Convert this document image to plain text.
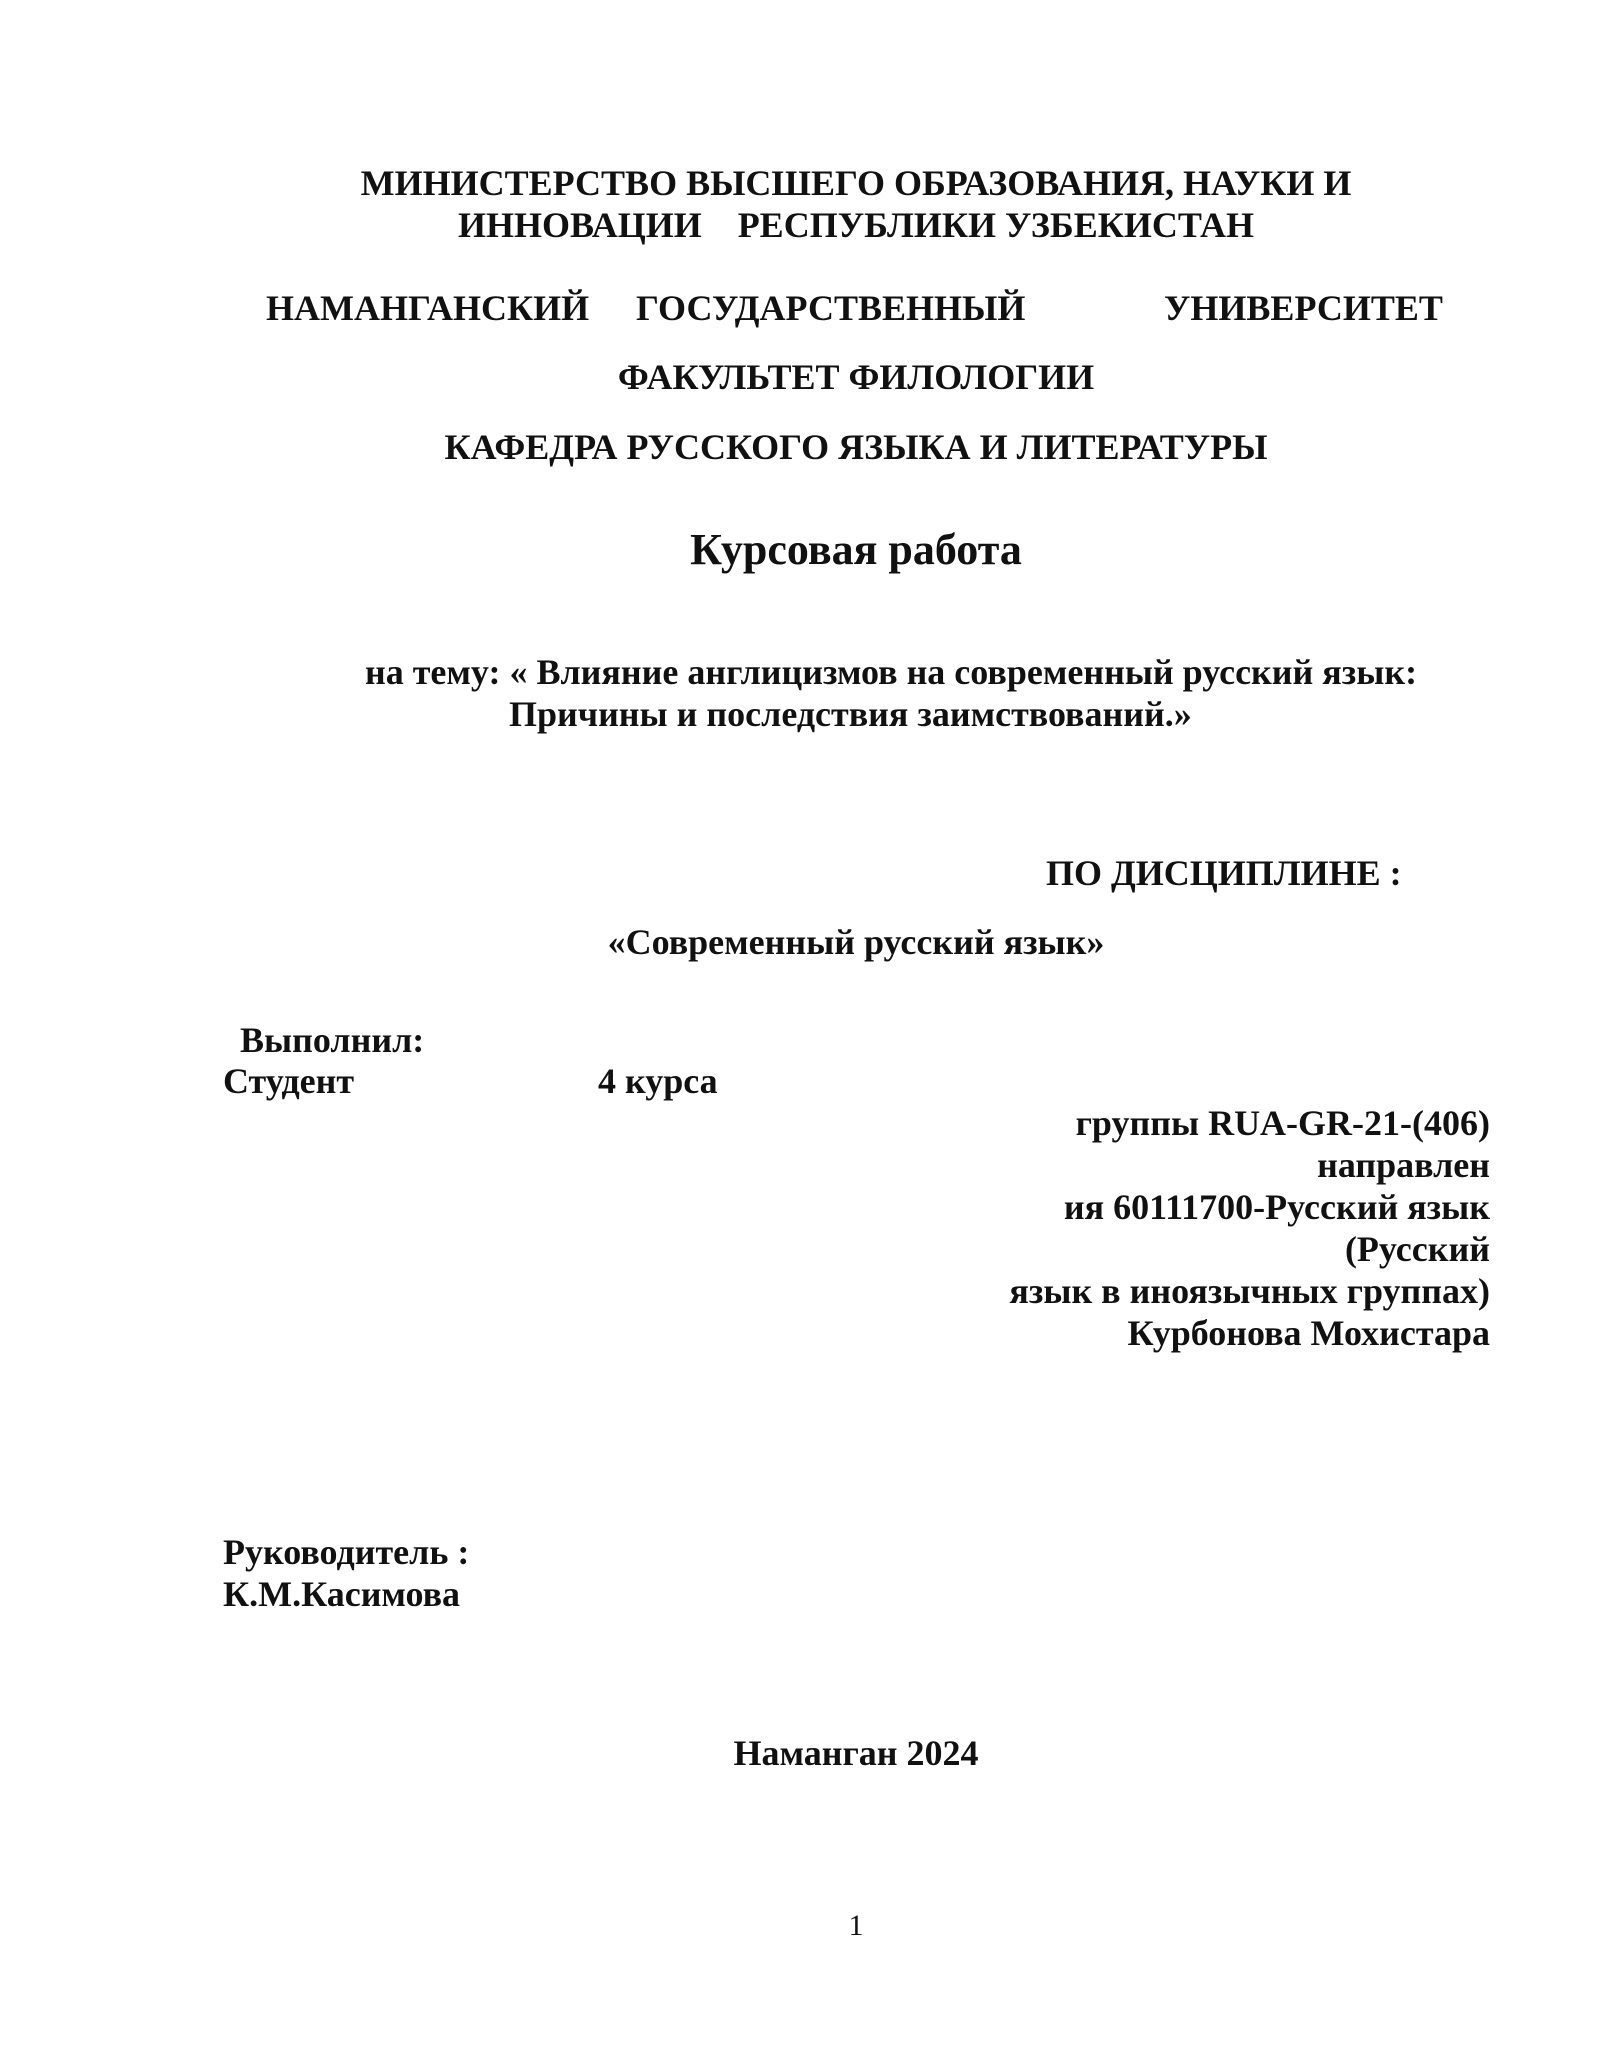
МИНИСТЕРСТВО ВЫСШЕГО ОБРАЗОВАНИЯ, НАУКИ И
ИННОВАЦИИ    РЕСПУБЛИКИ УЗБЕКИСТАН
НАМАНГАНСКИЙ ГОСУДАРСТВЕННЫЙ	УНИВЕРСИТЕТ
ФАКУЛЬТЕТ ФИЛОЛОГИИ
КАФЕДРА РУССКОГО ЯЗЫКА И ЛИТЕРАТУРЫ
Курсовая работа
на тему: « Влияние англицизмов на современный русский язык:
Причины и последствия заимствований.»
ПО ДИСЦИПЛИНЕ :
«Современный русский язык»
Выполнил:
Студент	4 курса
группы RUA-GR-21-(406)
направлен
ия 60111700-Русский язык
(Русский
язык в иноязычных группах)
Курбонова Мохистара
Руководитель :
К.М.Касимова
Наманган 2024
1
